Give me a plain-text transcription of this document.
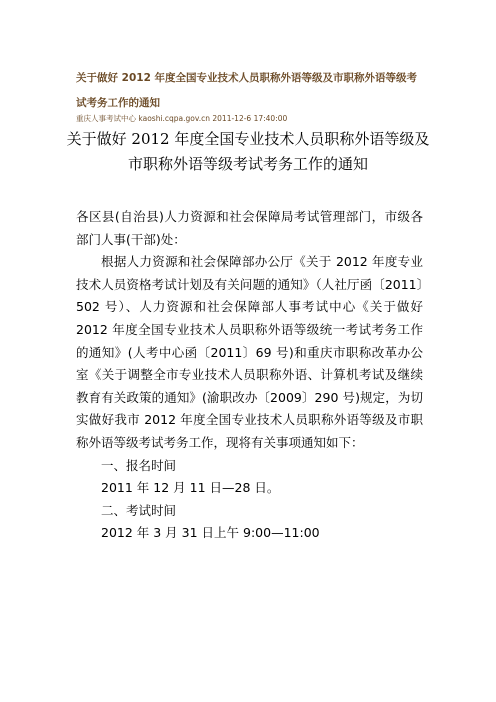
关于做好 2012 年度全国专业技术人员职称外语等级及市职称外语等级考试考务工作的通知
重庆人事考试中心 kaoshi.cqpa.gov.cn 2011-12-6 17:40:00
关于做好 2012 年度全国专业技术人员职称外语等级及市职称外语等级考试考务工作的通知

各区县(自治县)人力资源和社会保障局考试管理部门，市级各部门人事(干部)处：

根据人力资源和社会保障部办公厅《关于 2012 年度专业技术人员资格考试计划及有关问题的通知》（人社厅函〔2011〕502 号）、人力资源和社会保障部人事考试中心《关于做好 2012 年度全国专业技术人员职称外语等级统一考试考务工作的通知》(人考中心函〔2011〕69 号)和重庆市职称改革办公室《关于调整全市专业技术人员职称外语、计算机考试及继续教育有关政策的通知》(渝职改办〔2009〕290 号)规定，为切实做好我市 2012 年度全国专业技术人员职称外语等级及市职称外语等级考试考务工作，现将有关事项通知如下：

一、报名时间

2011 年 12 月 11 日—28 日。

二、考试时间

2012 年 3 月 31 日上午 9:00—11:00
